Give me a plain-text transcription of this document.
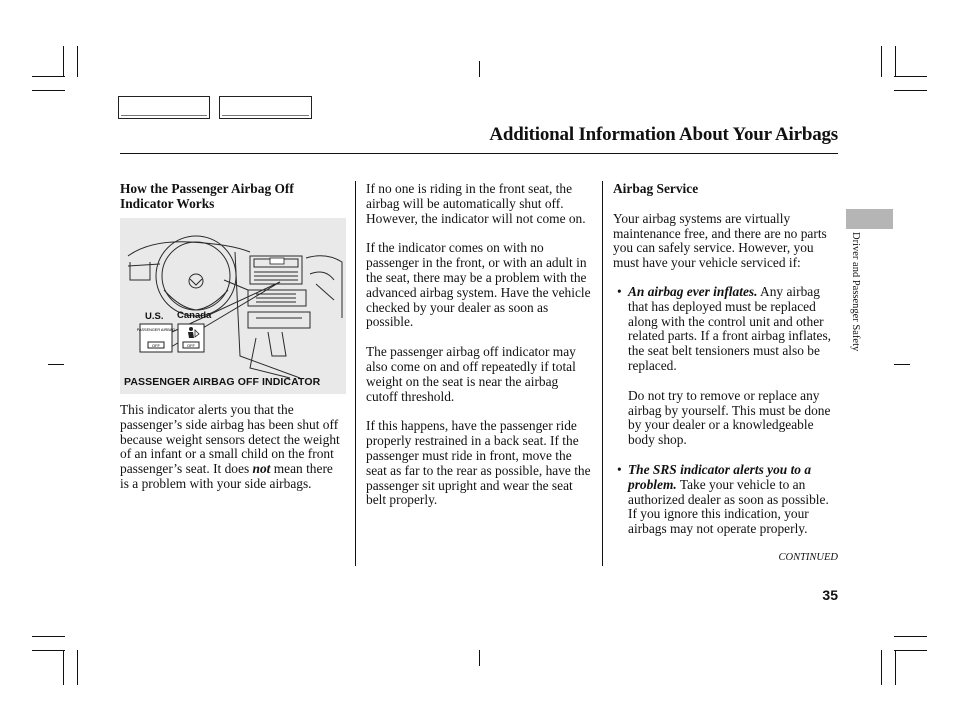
Additional Information About Your Airbags

How the Passenger Airbag Off Indicator Works

PASSENGER AIRBAG
OFF	OFF
U.S. Canada
PASSENGER AIRBAG OFF INDICATOR

This indicator alerts you that the passenger’s side airbag has been shut off because weight sensors detect the weight of an infant or a small child on the front passenger’s seat. It does not mean there is a problem with your side airbags.

If no one is riding in the front seat, the airbag will be automatically shut off. However, the indicator will not come on.

If the indicator comes on with no passenger in the front, or with an adult in the seat, there may be a problem with the advanced airbag system. Have the vehicle checked by your dealer as soon as possible.

The passenger airbag off indicator may also come on and off repeatedly if total weight on the seat is near the airbag cutoff threshold.

If this happens, have the passenger ride properly restrained in a back seat. If the passenger must ride in front, move the seat as far to the rear as possible, have the passenger sit upright and wear the seat belt properly.

Airbag Service

Your airbag systems are virtually maintenance free, and there are no parts you can safely service. However, you must have your vehicle serviced if:

• An airbag ever inflates. Any airbag that has deployed must be replaced along with the control unit and other related parts. If a front airbag inflates, the seat belt tensioners must also be replaced.
Do not try to remove or replace any airbag by yourself. This must be done by your dealer or a knowledgeable body shop.
• The SRS indicator alerts you to a problem. Take your vehicle to an authorized dealer as soon as possible. If you ignore this indication, your airbags may not operate properly.
Driver and Passenger Safety
CONTINUED
35
